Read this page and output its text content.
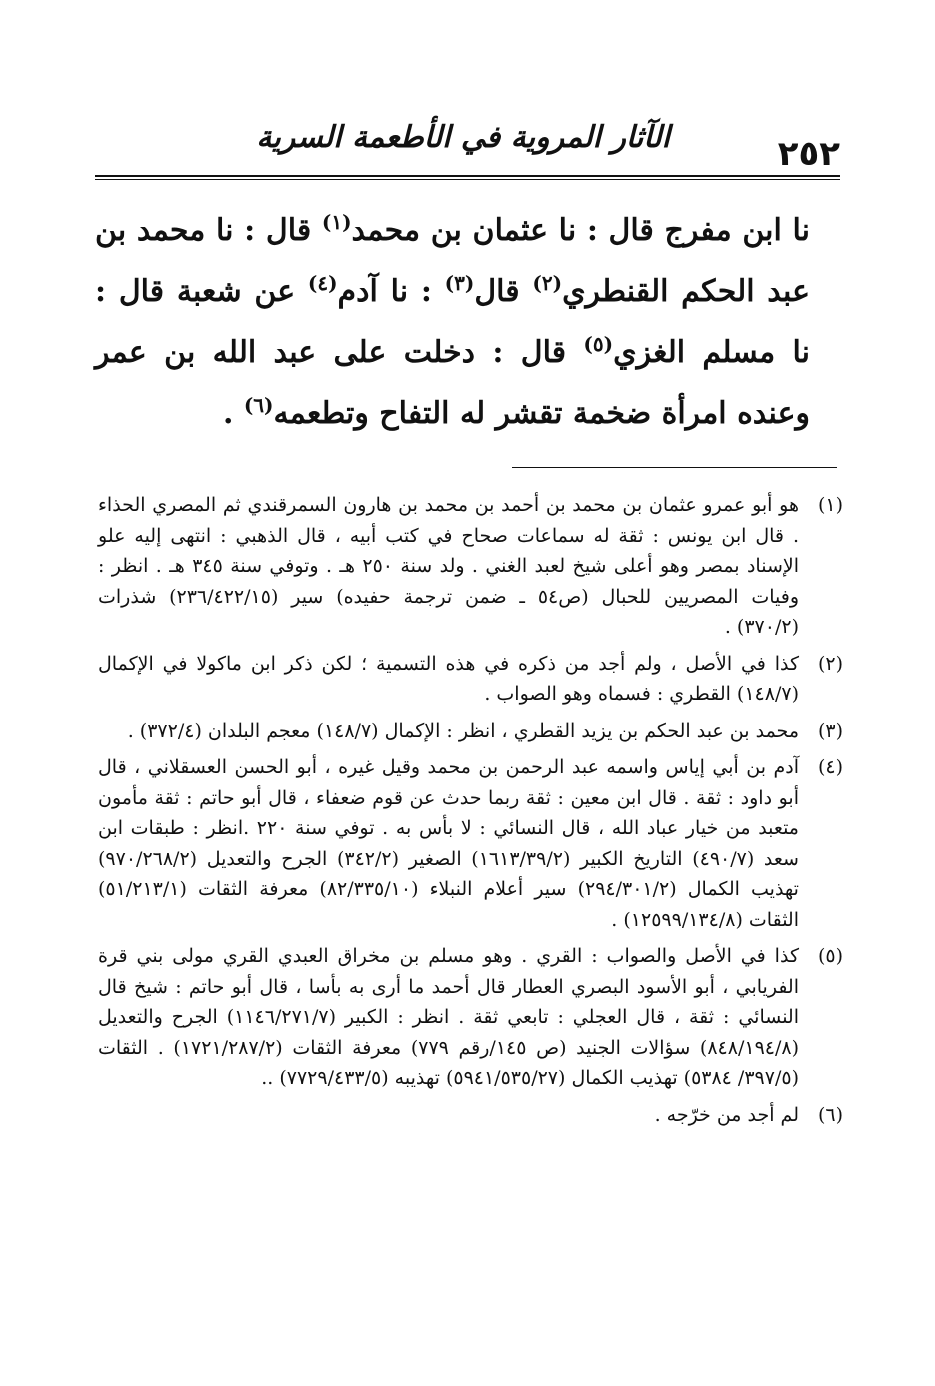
٢٥٢
الآثار المروية في الأطعمة السرية

نا ابن مفرج قال : نا عثمان بن محمد$^{(١)}$ قال : نا محمد بن عبد الحكم القنطري$^{(٢)}$ قال$^{(٣)}$ : نا آدم$^{(٤)}$ عن شعبة قال : نا مسلم الغزي$^{(٥)}$ قال : دخلت على عبد الله بن عمر وعنده امرأة ضخمة تقشر له التفاح وتطعمه$^{(٦)}$ .

(١)
هو أبو عمرو عثمان بن محمد بن أحمد بن محمد بن هارون السمرقندي ثم المصري الحذاء . قال ابن يونس : ثقة له سماعات صحاح في كتب أبيه ، قال الذهبي : انتهى إليه علو الإسناد بمصر وهو أعلى شيخ لعبد الغني . ولد سنة ٢٥٠ هـ . وتوفي سنة ٣٤٥ هـ . انظر : وفيات المصريين للحبال (ص٥٤ ـ ضمن ترجمة حفيده) سير (٢٣٦/٤٢٢/١٥) شذرات (٣٧٠/٢) .
(٢)
كذا في الأصل ، ولم أجد من ذكره في هذه التسمية ؛ لكن ذكر ابن ماكولا في الإكمال (١٤٨/٧) القطري : فسماه وهو الصواب .
(٣)
محمد بن عبد الحكم بن يزيد القطري ، انظر : الإكمال (١٤٨/٧) معجم البلدان (٣٧٢/٤) .
(٤)
آدم بن أبي إياس واسمه عبد الرحمن بن محمد وقيل غيره ، أبو الحسن العسقلاني ، قال أبو داود : ثقة . قال ابن معين : ثقة ربما حدث عن قوم ضعفاء ، قال أبو حاتم : ثقة مأمون متعبد من خيار عباد الله ، قال النسائي : لا بأس به . توفي سنة ٢٢٠ .انظر : طبقات ابن سعد (٤٩٠/٧) التاريخ الكبير (١٦١٣/٣٩/٢) الصغير (٣٤٢/٢) الجرح والتعديل (٩٧٠/٢٦٨/٢) تهذيب الكمال (٢٩٤/٣٠١/٢) سير أعلام النبلاء (٨٢/٣٣٥/١٠) معرفة الثقات (٥١/٢١٣/١) الثقات (١٢٥٩٩/١٣٤/٨) .
(٥)
كذا في الأصل والصواب : القري . وهو مسلم بن مخراق العبدي القري مولى بني قرة الفريابي ، أبو الأسود البصري العطار قال أحمد ما أرى به بأسا ، قال أبو حاتم : شيخ قال النسائي : ثقة ، قال العجلي : تابعي ثقة . انظر : الكبير (١١٤٦/٢٧١/٧) الجرح والتعديل (٨٤٨/١٩٤/٨) سؤالات الجنيد (ص ١٤٥/رقم ٧٧٩) معرفة الثقات (١٧٢١/٢٨٧/٢) . الثقات (٣٩٧/٥/ ٥٣٨٤) تهذيب الكمال (٥٩٤١/٥٣٥/٢٧) تهذيبه (٧٧٢٩/٤٣٣/٥) ..
(٦)
لم أجد من خرّجه .
